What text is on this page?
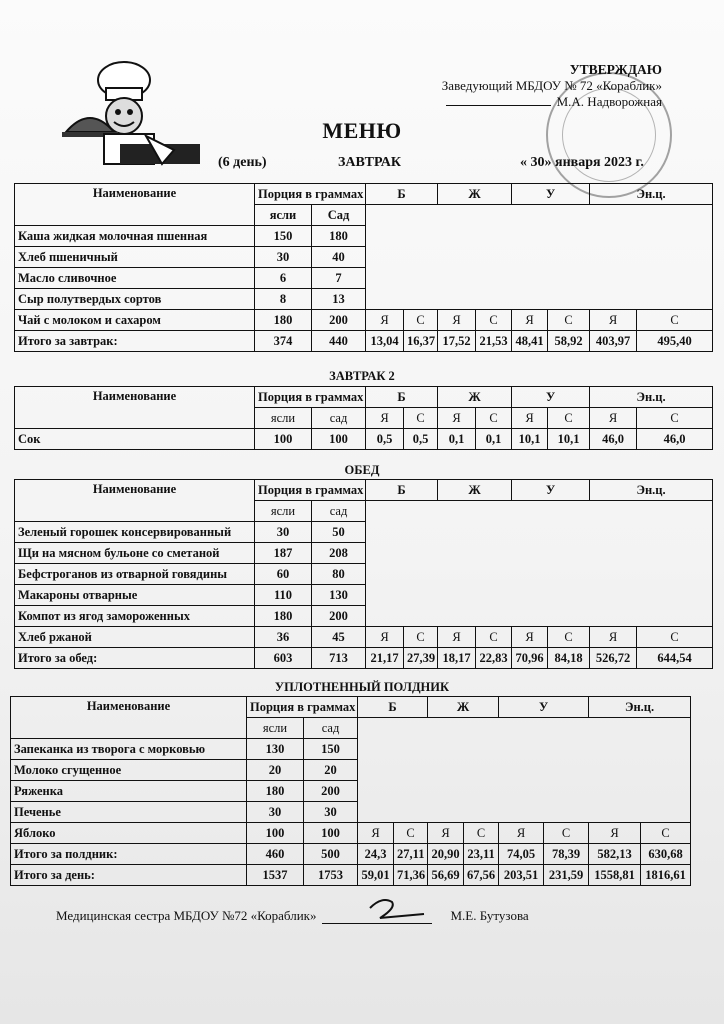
УТВЕРЖДАЮ
Заведующий МБДОУ № 72 «Кораблик»
М.А. Надворожная
МЕНЮ
(6 день)	ЗАВТРАК	« 30» января 2023 г.
Наименование	Порция в граммах		Б		Ж		У		Эн.ц.	
	ясли	Сад								
Каша жидкая молочная пшенная	150	180								
Хлеб пшеничный	30	40								
Масло сливочное	6	7								
Сыр полутвердых сортов	8	13								
Чай с молоком и сахаром	180	200	Я	С	Я	С	Я	С	Я	С
Итого за завтрак:	374	440	13,04	16,37	17,52	21,53	48,41	58,92	403,97	495,40
ЗАВТРАК 2
Наименование	Порция в граммах		Б		Ж		У		Эн.ц.	
	ясли	сад	Я	С	Я	С	Я	С	Я	С
Сок	100	100	0,5	0,5	0,1	0,1	10,1	10,1	46,0	46,0
ОБЕД
Наименование	Порция в граммах		Б		Ж		У		Эн.ц.	
	ясли	сад								
Зеленый горошек консервированный	30	50								
Щи на мясном бульоне со сметаной	187	208								
Бефстроганов из отварной говядины	60	80								
Макароны отварные	110	130								
Компот из ягод замороженных	180	200								
Хлеб ржаной	36	45	Я	С	Я	С	Я	С	Я	С
Итого за обед:	603	713	21,17	27,39	18,17	22,83	70,96	84,18	526,72	644,54
УПЛОТНЕННЫЙ ПОЛДНИК
Наименование	Порция в граммах		Б		Ж		У		Эн.ц.	
	ясли	сад								
Запеканка из творога с морковью	130	150								
Молоко сгущенное	20	20								
Ряженка	180	200								
Печенье	30	30								
Яблоко	100	100	Я	С	Я	С	Я	С	Я	С
Итого за полдник:	460	500	24,3	27,11	20,90	23,11	74,05	78,39	582,13	630,68
Итого за день:	1537	1753	59,01	71,36	56,69	67,56	203,51	231,59	1558,81	1816,61
Медицинская сестра МБДОУ №72 «Кораблик»	М.Е. Бутузова
